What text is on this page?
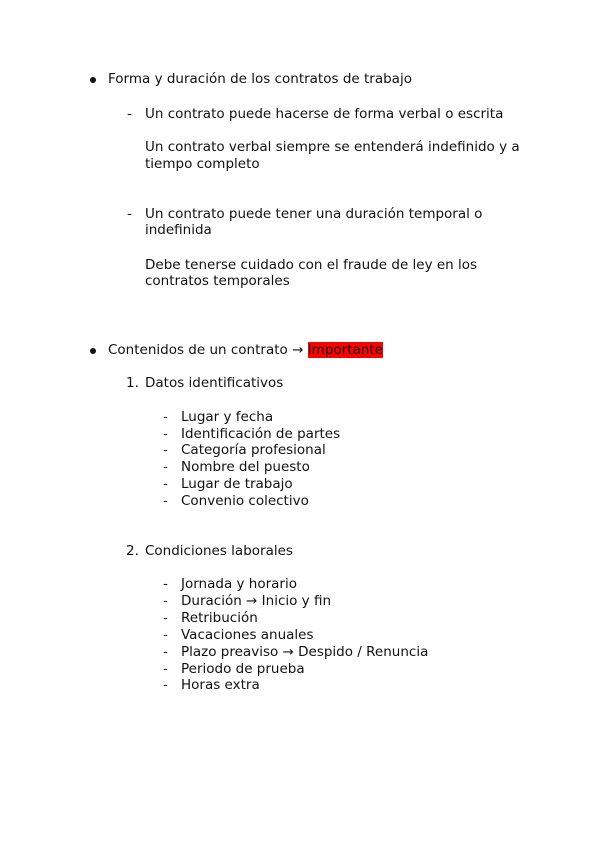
Forma y duración de los contratos de trabajo
- Un contrato puede hacerse de forma verbal o escrita
Un contrato verbal siempre se entenderá indefinido y a
tiempo completo
- Un contrato puede tener una duración temporal o
indefinida
Debe tenerse cuidado con el fraude de ley en los
contratos temporales
Contenidos de un contrato → Importante
1. Datos identificativos
- Lugar y fecha
- Identificación de partes
- Categoría profesional
- Nombre del puesto
- Lugar de trabajo
- Convenio colectivo
2. Condiciones laborales
- Jornada y horario
- Duración → Inicio y fin
- Retribución
- Vacaciones anuales
- Plazo preaviso → Despido / Renuncia
- Periodo de prueba
- Horas extra
